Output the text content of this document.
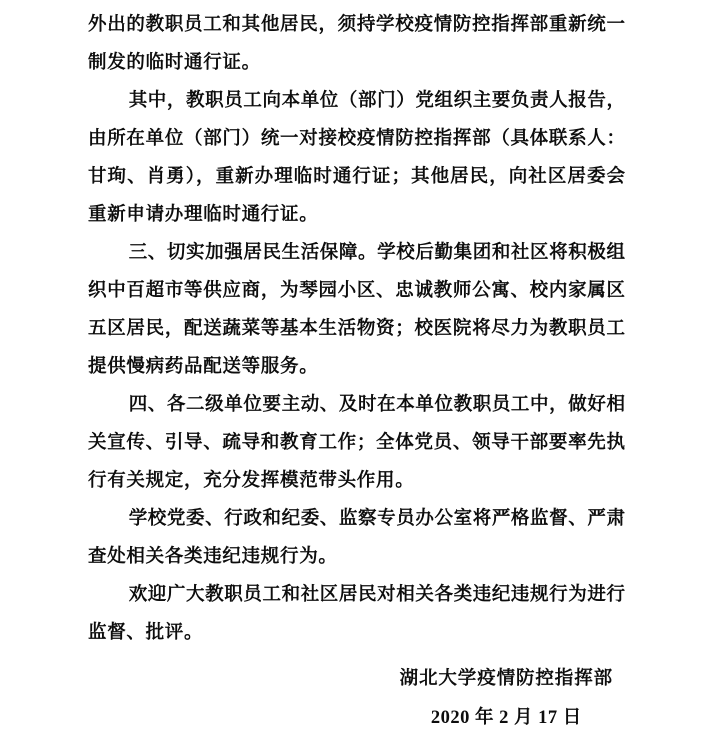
外出的教职员工和其他居民，须持学校疫情防控指挥部重新统一
制发的临时通行证。
其中，教职员工向本单位（部门）党组织主要负责人报告，
由所在单位（部门）统一对接校疫情防控指挥部（具体联系人：
甘珣、肖勇），重新办理临时通行证；其他居民，向社区居委会
重新申请办理临时通行证。
三、切实加强居民生活保障。学校后勤集团和社区将积极组
织中百超市等供应商，为琴园小区、忠诚教师公寓、校内家属区
五区居民，配送蔬菜等基本生活物资；校医院将尽力为教职员工
提供慢病药品配送等服务。
四、各二级单位要主动、及时在本单位教职员工中，做好相
关宣传、引导、疏导和教育工作；全体党员、领导干部要率先执
行有关规定，充分发挥模范带头作用。
学校党委、行政和纪委、监察专员办公室将严格监督、严肃
查处相关各类违纪违规行为。
欢迎广大教职员工和社区居民对相关各类违纪违规行为进行
监督、批评。
湖北大学疫情防控指挥部
2020 年 2 月 17 日
